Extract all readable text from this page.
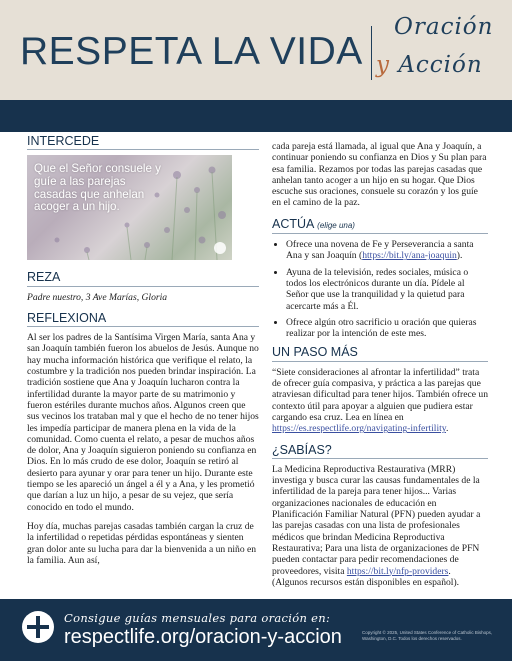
RESPETA LA VIDA
Oración
y Acción
INTERCEDE
Que el Señor consuele y guíe a las parejas casadas que anhelan acoger a un hijo.
REZA

Padre nuestro, 3 Ave Marías, Gloria

REFLEXIONA

Al ser los padres de la Santísima Virgen María, santa Ana y san Joaquín también fueron los abuelos de Jesús. Aunque no hay mucha información histórica que verifique el relato, la costumbre y la tradición nos pueden brindar inspiración. La tradición sostiene que Ana y Joaquín lucharon contra la infertilidad durante la mayor parte de su matrimonio y fueron estériles durante muchos años. Algunos creen que sus vecinos los trataban mal y que el hecho de no tener hijos les impedía participar de manera plena en la vida de la comunidad. Como cuenta el relato, a pesar de muchos años de dolor, Ana y Joaquín siguieron poniendo su confianza en Dios. En lo más crudo de ese dolor, Joaquín se retiró al desierto para ayunar y orar para tener un hijo. Durante este tiempo se les apareció un ángel a él y a Ana, y les prometió que darían a luz un hijo, a pesar de su vejez, que sería conocido en todo el mundo.

Hoy día, muchas parejas casadas también cargan la cruz de la infertilidad o repetidas pérdidas espontáneas y sienten gran dolor ante su lucha para dar la bienvenida a un niño en la familia. Aun así,

cada pareja está llamada, al igual que Ana y Joaquín, a continuar poniendo su confianza en Dios y Su plan para esa familia. Rezamos por todas las parejas casadas que anhelan tanto acoger a un hijo en su hogar. Que Dios escuche sus oraciones, consuele su corazón y los guíe en el camino de la paz.

ACTÚA (elige una)
• Ofrece una novena de Fe y Perseverancia a santa Ana y san Joaquín (https://bit.ly/ana-joaquin).
• Ayuna de la televisión, redes sociales, música o todos los electrónicos durante un día. Pídele al Señor que use la tranquilidad y la quietud para acercarte más a Él.
• Ofrece algún otro sacrificio u oración que quieras realizar por la intención de este mes.
UN PASO MÁS

“Siete consideraciones al afrontar la infertilidad” trata de ofrecer guía compasiva, y práctica a las parejas que atraviesan dificultad para tener hijos. También ofrece un contexto útil para apoyar a alguien que pudiera estar cargando esa cruz. Lea en línea en https://es.respectlife.org/navigating-infertility.

¿SABÍAS?

La Medicina Reproductiva Restaurativa (MRR) investiga y busca curar las causas fundamentales de la infertilidad de la pareja para tener hijos... Varias organizaciones nacionales de educación en Planificación Familiar Natural (PFN) pueden ayudar a las parejas casadas con una lista de profesionales médicos que brindan Medicina Reproductiva Restaurativa; Para una lista de organizaciones de PFN pueden contactar para pedir recomendaciones de proveedores, visita https://bit.ly/nfp-providers. (Algunos recursos están disponibles en español).

Consigue guías mensuales para oración en:
respectlife.org/oracion-y-accion	Copyright © 2025, United States Conference of Catholic Bishops, Washington, D.C. Todos los derechos reservados.
